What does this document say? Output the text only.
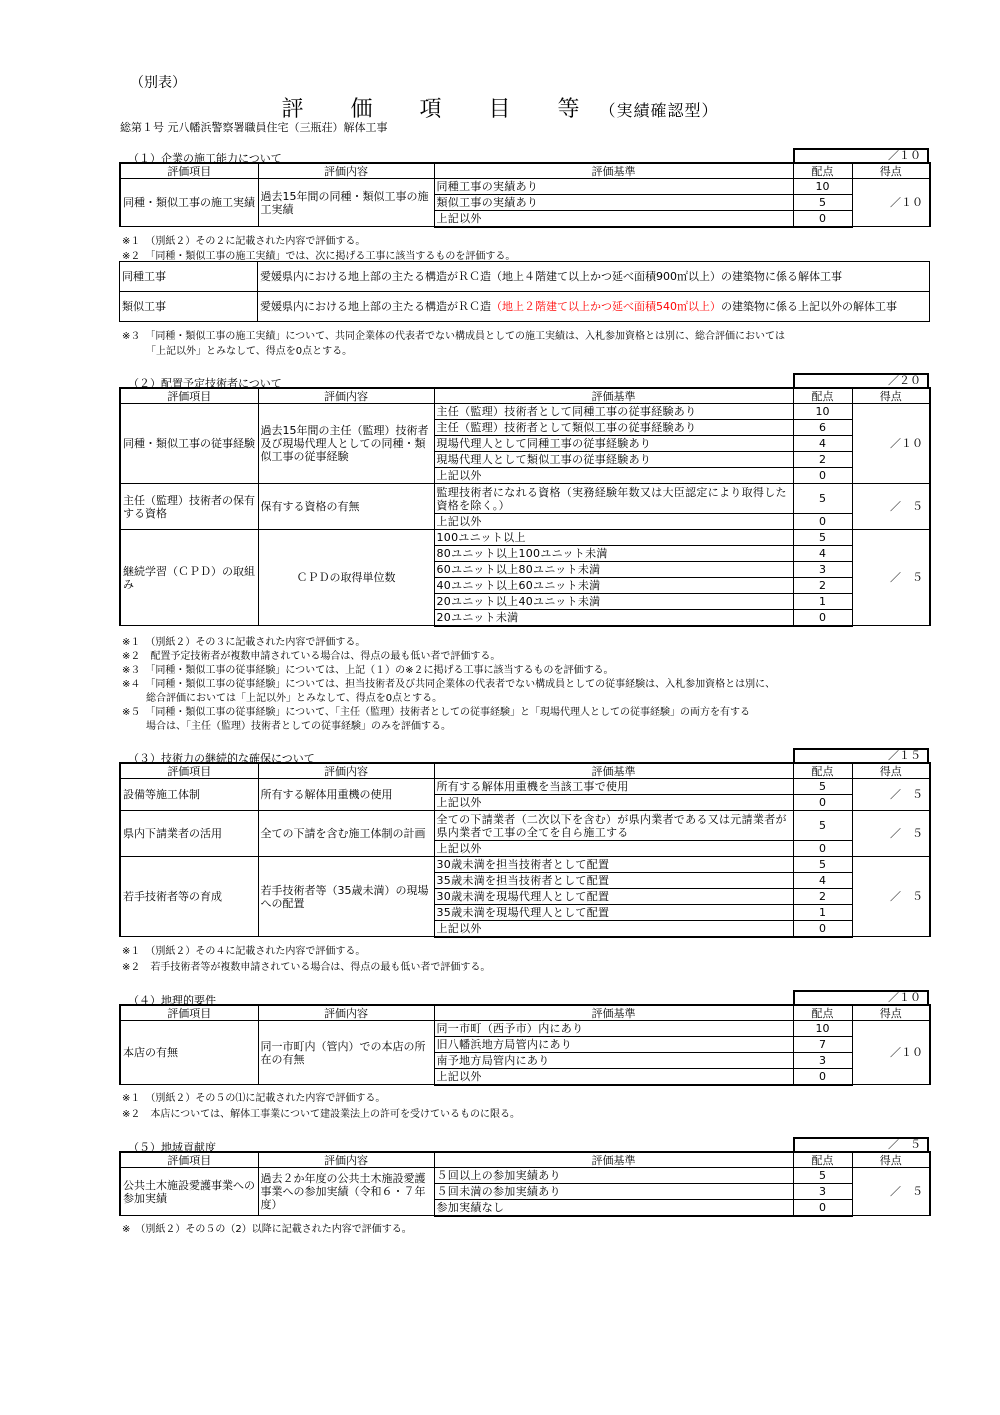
（別表）
評 価 項 目 等（実績確認型）
総第１号 元八幡浜警察署職員住宅（三瓶荘）解体工事
（１）企業の施工能力について	／１０
評価項目	評価内容	評価基準	配点	得点
同種・類似工事の施工実績	過去15年間の同種・類似工事の施工実績	同種工事の実績あり	10	／１０
		類似工事の実績あり	5	
		上記以外	0	
※１　（別紙２）その２に記載された内容で評価する。
※２　「同種・類似工事の施工実績」では、次に掲げる工事に該当するものを評価する。
同種工事	愛媛県内における地上部の主たる構造がＲＣ造（地上４階建て以上かつ延べ面積900㎡以上）の建築物に係る解体工事
類似工事	愛媛県内における地上部の主たる構造がＲＣ造（地上２階建て以上かつ延べ面積540㎡以上）の建築物に係る上記以外の解体工事
※３　「同種・類似工事の施工実績」について、共同企業体の代表者でない構成員としての施工実績は、入札参加資格とは別に、総合評価においては
「上記以外」とみなして、得点を0点とする。
（２）配置予定技術者について	／２０
評価項目	評価内容	評価基準	配点	得点
同種・類似工事の従事経験	過去15年間の主任（監理）技術者及び現場代理人としての同種・類似工事の従事経験	主任（監理）技術者として同種工事の従事経験あり	10	／１０
		主任（監理）技術者として類似工事の従事経験あり	6	
		現場代理人として同種工事の従事経験あり	4	
		現場代理人として類似工事の従事経験あり	2	
		上記以外	0	
主任（監理）技術者の保有する資格	保有する資格の有無	監理技術者になれる資格（実務経験年数又は大臣認定により取得した資格を除く。）	5	／　５
		上記以外	0	
継続学習（ＣＰＤ）の取組み	ＣＰＤの取得単位数	100ユニット以上	5	／　５
		80ユニット以上100ユニット未満	4	
		60ユニット以上80ユニット未満	3	
		40ユニット以上60ユニット未満	2	
		20ユニット以上40ユニット未満	1	
		20ユニット未満	0	
※１　（別紙２）その３に記載された内容で評価する。
※２　配置予定技術者が複数申請されている場合は、得点の最も低い者で評価する。
※３　「同種・類似工事の従事経験」については、上記（１）の※２に掲げる工事に該当するものを評価する。
※４　「同種・類似工事の従事経験」については、担当技術者及び共同企業体の代表者でない構成員としての従事経験は、入札参加資格とは別に、
総合評価においては「上記以外」とみなして、得点を0点とする。
※５　「同種・類似工事の従事経験」について、「主任（監理）技術者としての従事経験」と「現場代理人としての従事経験」の両方を有する
場合は、「主任（監理）技術者としての従事経験」のみを評価する。
（３）技術力の継続的な確保について	／１５
評価項目	評価内容	評価基準	配点	得点
設備等施工体制	所有する解体用重機の使用	所有する解体用重機を当該工事で使用	5	／　５
		上記以外	0	
県内下請業者の活用	全ての下請を含む施工体制の計画	全ての下請業者（二次以下を含む）が県内業者である又は元請業者が県内業者で工事の全てを自ら施工する	5	／　５
		上記以外	0	
若手技術者等の育成	若手技術者等（35歳未満）の現場への配置	30歳未満を担当技術者として配置	5	／　５
		35歳未満を担当技術者として配置	4	
		30歳未満を現場代理人として配置	2	
		35歳未満を現場代理人として配置	1	
		上記以外	0	
※１　（別紙２）その４に記載された内容で評価する。
※２　若手技術者等が複数申請されている場合は、得点の最も低い者で評価する。
（４）地理的要件	／１０
評価項目	評価内容	評価基準	配点	得点
本店の有無	同一市町内（管内）での本店の所在の有無	同一市町（西予市）内にあり	10	／１０
		旧八幡浜地方局管内にあり	7	
		南予地方局管内にあり	3	
		上記以外	0	
※１　（別紙２）その５の⑴に記載された内容で評価する。
※２　本店については、解体工事業について建設業法上の許可を受けているものに限る。
（５）地域貢献度	／　５
評価項目	評価内容	評価基準	配点	得点
公共土木施設愛護事業への参加実績	過去２か年度の公共土木施設愛護事業への参加実績（令和６・７年度）	５回以上の参加実績あり	5	／　５
		５回未満の参加実績あり	3	
		参加実績なし	0	
※　（別紙２）その５の（2）以降に記載された内容で評価する。
